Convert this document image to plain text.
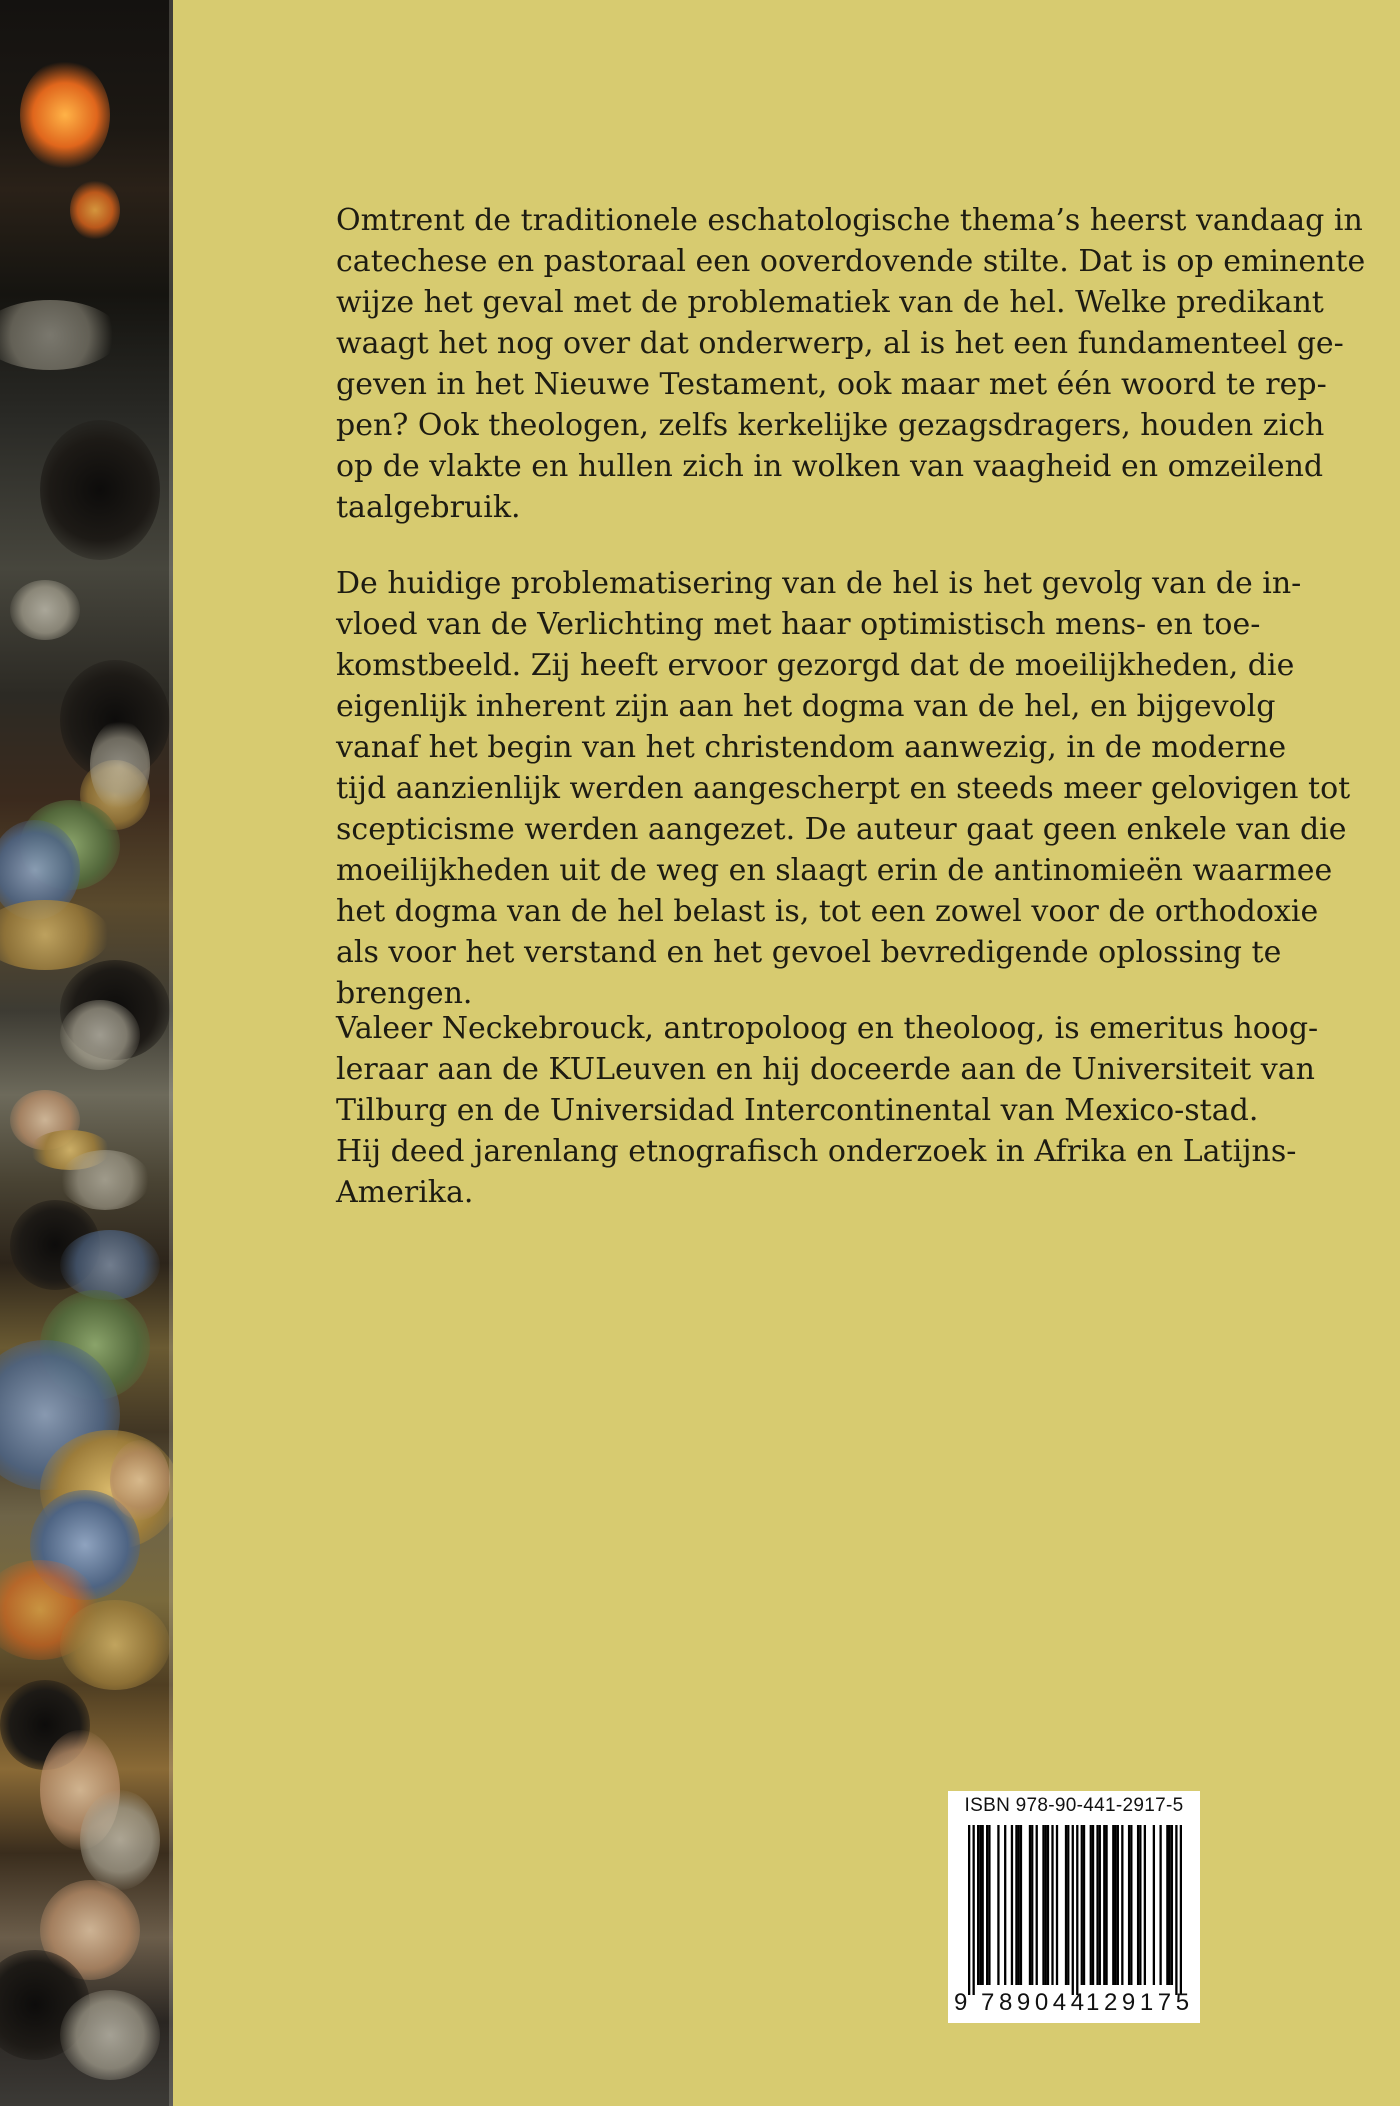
Omtrent de traditionele eschatologische thema’s heerst vandaag in
catechese en pastoraal een ooverdovende stilte. Dat is op eminente
wijze het geval met de problematiek van de hel. Welke predikant
waagt het nog over dat onderwerp, al is het een fundamenteel ge-
geven in het Nieuwe Testament, ook maar met één woord te rep-
pen? Ook theologen, zelfs kerkelijke gezagsdragers, houden zich
op de vlakte en hullen zich in wolken van vaagheid en omzeilend
taalgebruik.
De huidige problematisering van de hel is het gevolg van de in-
vloed van de Verlichting met haar optimistisch mens- en toe-
komstbeeld. Zij heeft ervoor gezorgd dat de moeilijkheden, die
eigenlijk inherent zijn aan het dogma van de hel, en bijgevolg
vanaf het begin van het christendom aanwezig, in de moderne
tijd aanzienlijk werden aangescherpt en steeds meer gelovigen tot
scepticisme werden aangezet. De auteur gaat geen enkele van die
moeilijkheden uit de weg en slaagt erin de antinomieën waarmee
het dogma van de hel belast is, tot een zowel voor de orthodoxie
als voor het verstand en het gevoel bevredigende oplossing te
brengen.
Valeer Neckebrouck, antropoloog en theoloog, is emeritus hoog-
leraar aan de KULeuven en hij doceerde aan de Universiteit van
Tilburg en de Universidad Intercontinental van Mexico-stad.
Hij deed jarenlang etnografisch onderzoek in Afrika en Latijns-
Amerika.
ISBN 978-90-441-2917-5
9 789044
129175
